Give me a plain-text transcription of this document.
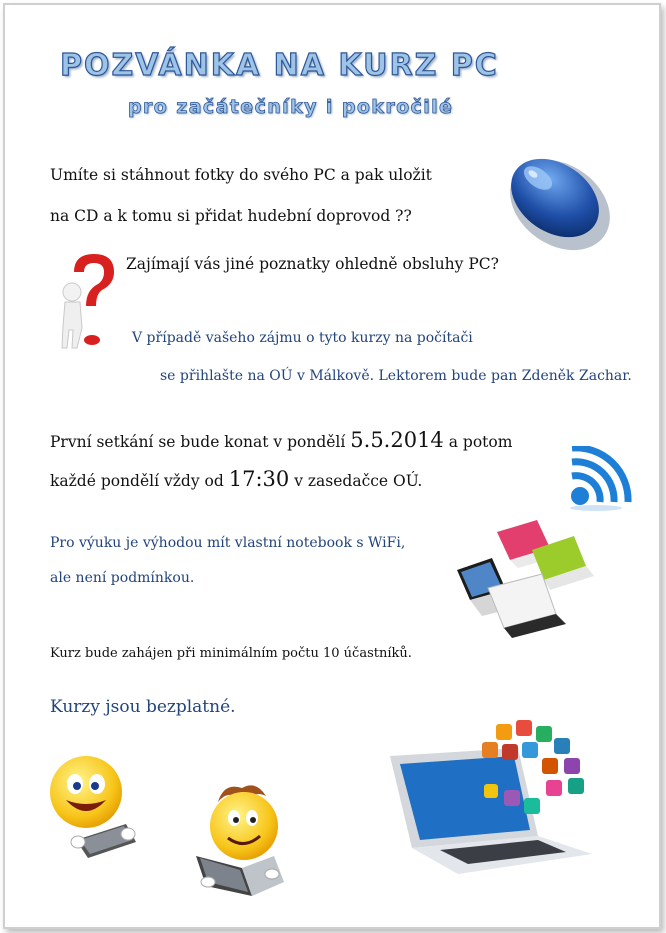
POZVÁNKA NA KURZ PC
pro začátečníky i pokročilé
Umíte si stáhnout fotky do svého PC a pak uložit
na CD a k tomu si přidat hudební doprovod ??
Zajímají vás jiné poznatky ohledně obsluhy PC?
V případě vašeho zájmu o tyto kurzy na počítači
se přihlašte na OÚ v Málkově. Lektorem bude pan Zdeněk Zachar.
První setkání se bude konat v pondělí 5.5.2014 a potom
každé pondělí vždy od 17:30 v zasedačce OÚ.
Pro výuku je výhodou mít vlastní notebook s WiFi,
ale není podmínkou.
Kurz bude zahájen při minimálním počtu 10 účastníků.
Kurzy jsou bezplatné.
